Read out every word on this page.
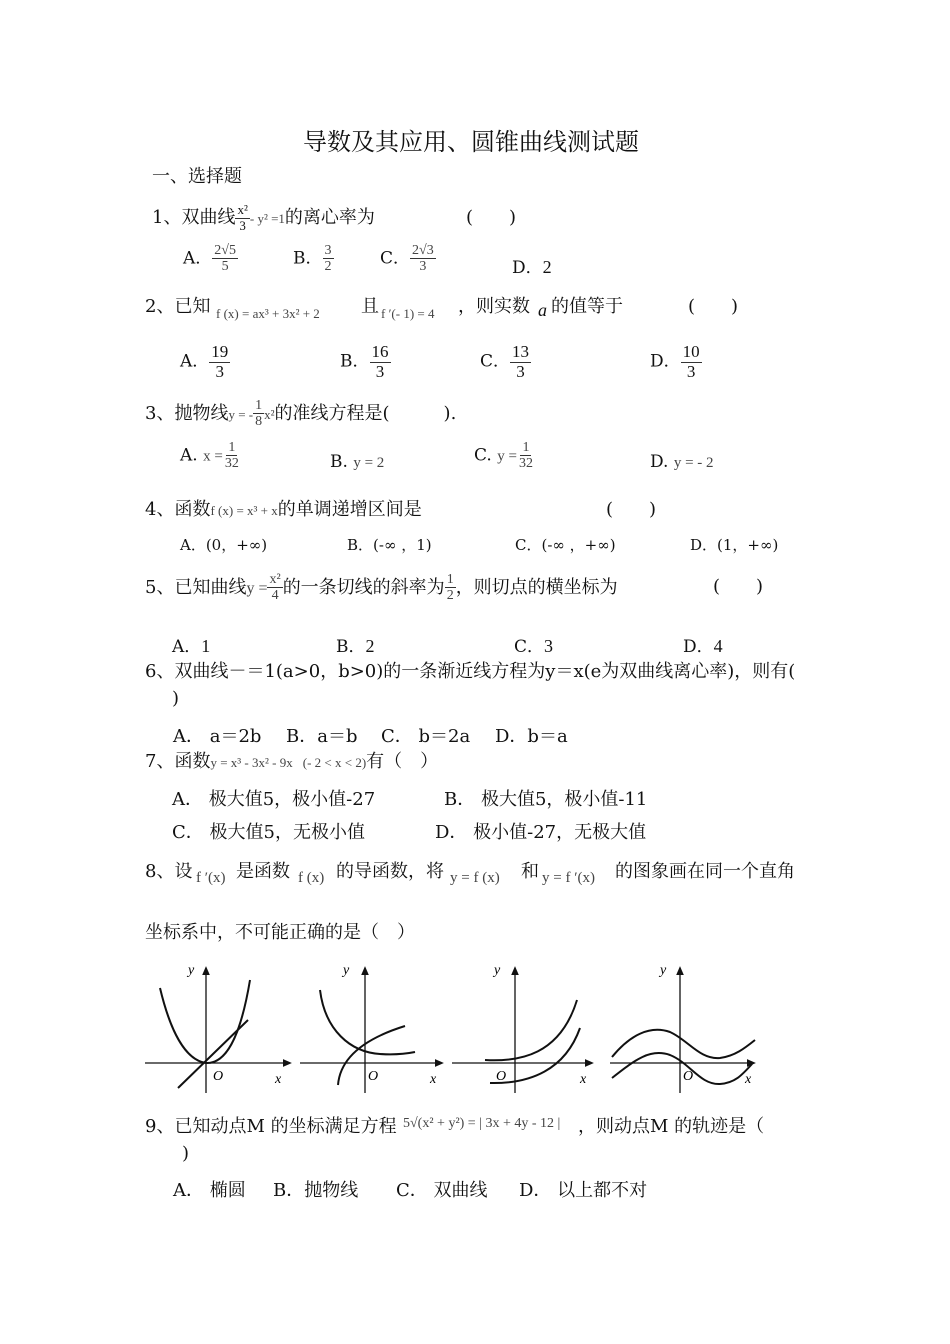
导数及其应用、圆锥曲线测试题
一、选择题
1、双曲线 $\frac{\text{x²}}{3} - y^2 =1$的离心率为	(　　)
A． $\frac{2√5}{5}$	B． $\frac{3}{2}$	C． $\frac{2√3}{3}$	D．2
2、已知 f (x) = ax³ + 3x² + 2 且 f ′(- 1) = 4 ，则实数 a 的值等于	(　　)
A． $\frac{19}{3}$	B． $\frac{16}{3}$	C． $\frac{13}{3}$	D． $\frac{10}{3}$
3、抛物线y = - $\frac{1}{8} x^2$的准线方程是(　　　).
A. $x = \frac{1}{32}$	B. y = 2	C. $y = \frac{1}{32}$	D. y = - 2
4、函数f (x) = x³ + x的单调递增区间是	(　　)
A．(0，+∞)	B．(-∞ ，1)	C．(-∞ ，+∞)	D．(1，+∞)
5、已知曲线$y = \frac{\text{x²}}{4}$ 的一条切线的斜率为 $\frac{1}{2}$ ，则切点的横坐标为	(　　)
A．1	B．2	C．3	D．4
6、双曲线－＝1(a>0，b>0)的一条渐近线方程为y＝x(e为双曲线离心率)，则有(
)
A． a＝2b B．a＝b C． b＝2a D．b＝a
7、函数y = x³ - 3x² - 9x (- 2 < x < 2)有（　）
A． 极大值5，极小值-27	B． 极大值5，极小值-11
C． 极大值5，无极小值	D． 极小值-27，无极大值
8、设 f ′(x) 是函数 f (x) 的导函数，将 y = f (x) 和 y = f ′(x) 的图象画在同一个直角
坐标系中，不可能正确的是（　）
y
x
O
y
x
O
y
x
O
y
x
O
9、已知动点M 的坐标满足方程 5√(x² + y²) = | 3x + 4y - 12 | ，则动点M 的轨迹是（
)
A． 椭圆 B．抛物线 C． 双曲线 D． 以上都不对
